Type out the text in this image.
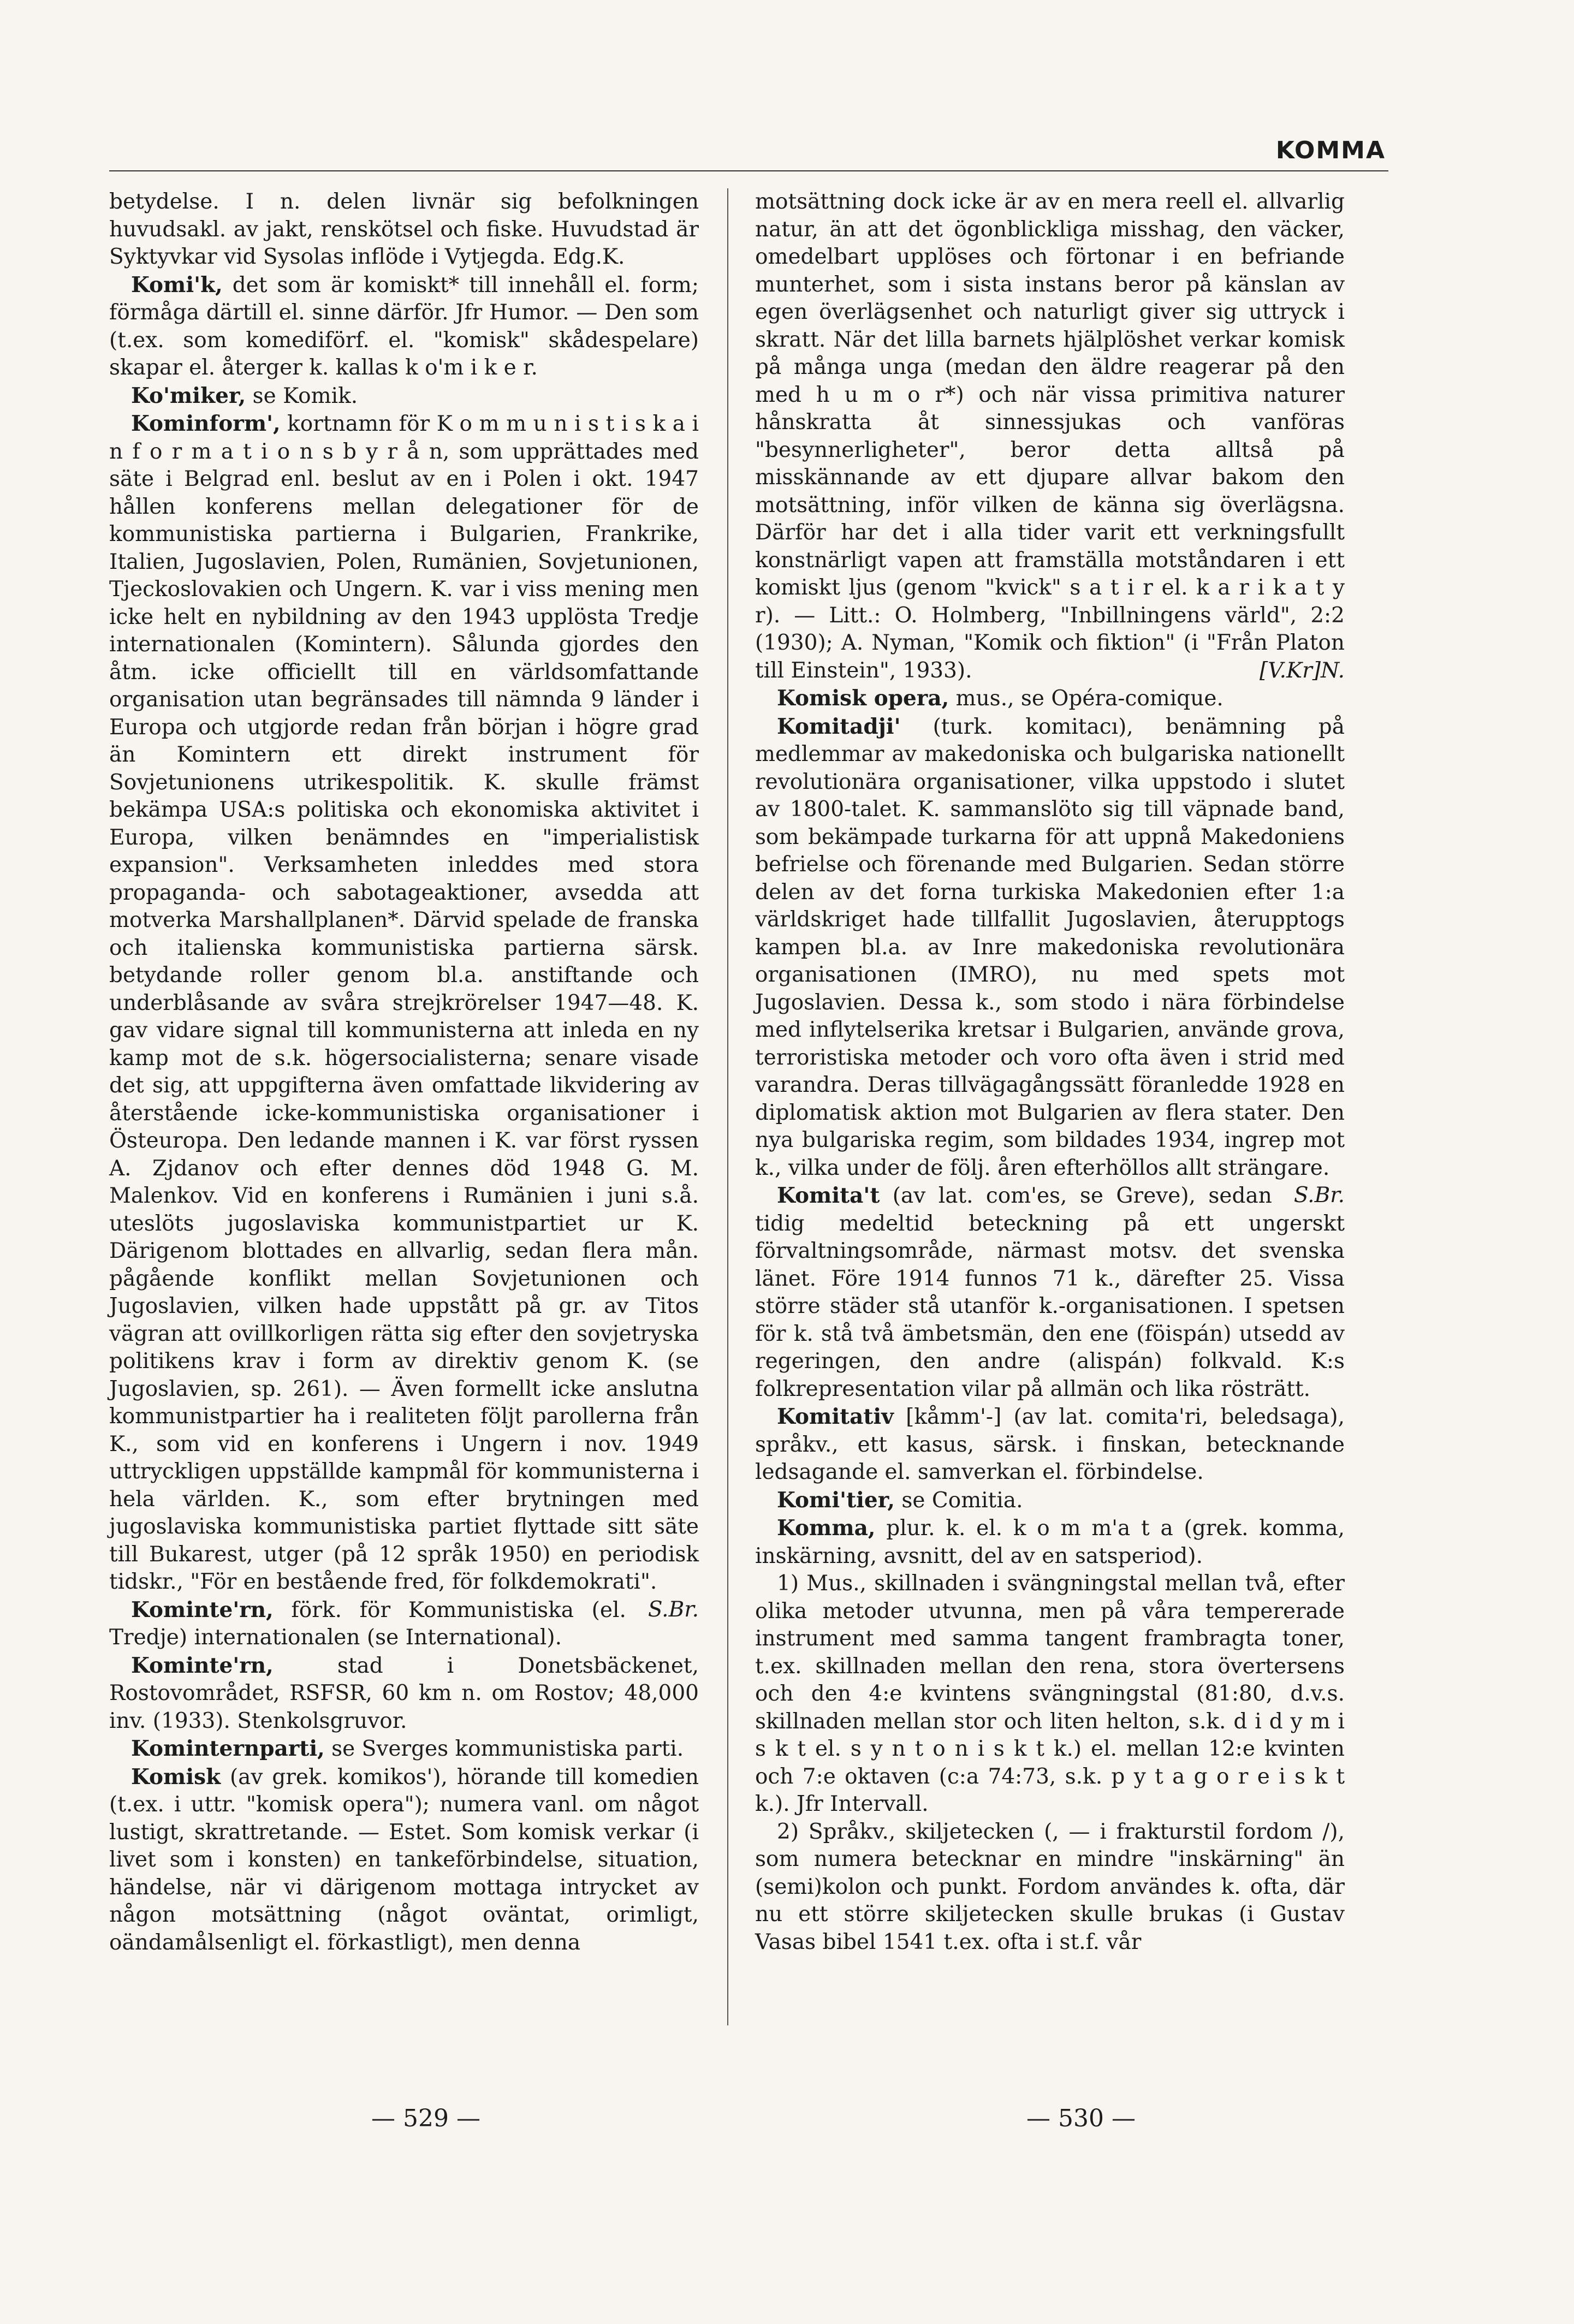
KOMMA

betydelse. I n. delen livnär sig befolkningen huvudsakl. av jakt, renskötsel och fiske. Huvudstad är Syktyvkar vid Sysolas inflöde i Vytjegda. Edg.K.

Komi'k, det som är komiskt* till innehåll el. form; förmåga därtill el. sinne därför. Jfr Humor. — Den som (t.ex. som komediförf. el. "komisk" skådespelare) skapar el. återger k. kallas k o'm i k e r.

Ko'miker, se Komik.

Kominform', kortnamn för K o m m u n i s t i s k a i n f o r m a t i o n s b y r å n, som upprättades med säte i Belgrad enl. beslut av en i Polen i okt. 1947 hållen konferens mellan delegationer för de kommunistiska partierna i Bulgarien, Frankrike, Italien, Jugoslavien, Polen, Rumänien, Sovjetunionen, Tjeckoslovakien och Ungern. K. var i viss mening men icke helt en nybildning av den 1943 upplösta Tredje internationalen (Komintern). Sålunda gjordes den åtm. icke officiellt till en världsomfattande organisation utan begränsades till nämnda 9 länder i Europa och utgjorde redan från början i högre grad än Komintern ett direkt instrument för Sovjetunionens utrikespolitik. K. skulle främst bekämpa USA:s politiska och ekonomiska aktivitet i Europa, vilken benämndes en "imperialistisk expansion". Verksamheten inleddes med stora propaganda- och sabotageaktioner, avsedda att motverka Marshallplanen*. Därvid spelade de franska och italienska kommunistiska partierna särsk. betydande roller genom bl.a. anstiftande och underblåsande av svåra strejkrörelser 1947—48. K. gav vidare signal till kommunisterna att inleda en ny kamp mot de s.k. högersocialisterna; senare visade det sig, att uppgifterna även omfattade likvidering av återstående icke-kommunistiska organisationer i Östeuropa. Den ledande mannen i K. var först ryssen A. Zjdanov och efter dennes död 1948 G. M. Malenkov. Vid en konferens i Rumänien i juni s.å. uteslöts jugoslaviska kommunistpartiet ur K. Därigenom blottades en allvarlig, sedan flera mån. pågående konflikt mellan Sovjetunionen och Jugoslavien, vilken hade uppstått på gr. av Titos vägran att ovillkorligen rätta sig efter den sovjetryska politikens krav i form av direktiv genom K. (se Jugoslavien, sp. 261). — Även formellt icke anslutna kommunistpartier ha i realiteten följt parollerna från K., som vid en konferens i Ungern i nov. 1949 uttryckligen uppställde kampmål för kommunisterna i hela världen. K., som efter brytningen med jugoslaviska kommunistiska partiet flyttade sitt säte till Bukarest, utger (på 12 språk 1950) en periodisk tidskr., "För en bestående fred, för folkdemokrati".
S.Br.

Kominte'rn, förk. för Kommunistiska (el. Tredje) internationalen (se International).

Kominte'rn, stad i Donetsbäckenet, Rostovområdet, RSFSR, 60 km n. om Rostov; 48,000 inv. (1933). Stenkolsgruvor.

Kominternparti, se Sverges kommunistiska parti.

Komisk (av grek. komikos'), hörande till komedien (t.ex. i uttr. "komisk opera"); numera vanl. om något lustigt, skrattretande. — Estet. Som komisk verkar (i livet som i konsten) en tankeförbindelse, situation, händelse, när vi därigenom mottaga intrycket av någon motsättning (något oväntat, orimligt, oändamålsenligt el. förkastligt), men denna

motsättning dock icke är av en mera reell el. allvarlig natur, än att det ögonblickliga misshag, den väcker, omedelbart upplöses och förtonar i en befriande munterhet, som i sista instans beror på känslan av egen överlägsenhet och naturligt giver sig uttryck i skratt. När det lilla barnets hjälplöshet verkar komisk på många unga (medan den äldre reagerar på den med h u m o r*) och när vissa primitiva naturer hånskratta åt sinnessjukas och vanföras "besynnerligheter", beror detta alltså på misskännande av ett djupare allvar bakom den motsättning, inför vilken de känna sig överlägsna. Därför har det i alla tider varit ett verkningsfullt konstnärligt vapen att framställa motståndaren i ett komiskt ljus (genom "kvick" s a t i r el. k a r i k a t y r). — Litt.: O. Holmberg, "Inbillningens värld", 2:2 (1930); A. Nyman, "Komik och fiktion" (i "Från Platon till Einstein", 1933).	[V.Kr]N.

Komisk opera, mus., se Opéra-comique.

Komitadji' (turk. komitacı), benämning på medlemmar av makedoniska och bulgariska nationellt revolutionära organisationer, vilka uppstodo i slutet av 1800-talet. K. sammanslöto sig till väpnade band, som bekämpade turkarna för att uppnå Makedoniens befrielse och förenande med Bulgarien. Sedan större delen av det forna turkiska Makedonien efter 1:a världskriget hade tillfallit Jugoslavien, återupptogs kampen bl.a. av Inre makedoniska revolutionära organisationen (IMRO), nu med spets mot Jugoslavien. Dessa k., som stodo i nära förbindelse med inflytelserika kretsar i Bulgarien, använde grova, terroristiska metoder och voro ofta även i strid med varandra. Deras tillvägagångssätt föranledde 1928 en diplomatisk aktion mot Bulgarien av flera stater. Den nya bulgariska regim, som bildades 1934, ingrep mot k., vilka under de följ. åren efterhöllos allt strängare.
S.Br.

Komita't (av lat. com'es, se Greve), sedan tidig medeltid beteckning på ett ungerskt förvaltningsområde, närmast motsv. det svenska länet. Före 1914 funnos 71 k., därefter 25. Vissa större städer stå utanför k.-organisationen. I spetsen för k. stå två ämbetsmän, den ene (föispán) utsedd av regeringen, den andre (alispán) folkvald. K:s folkrepresentation vilar på allmän och lika rösträtt.

Komitativ [kåmm'-] (av lat. comita'ri, beledsaga), språkv., ett kasus, särsk. i finskan, betecknande ledsagande el. samverkan el. förbindelse.

Komi'tier, se Comitia.

Komma, plur. k. el. k o m m'a t a (grek. komma, inskärning, avsnitt, del av en satsperiod).

1) Mus., skillnaden i svängningstal mellan två, efter olika metoder utvunna, men på våra tempererade instrument med samma tangent frambragta toner, t.ex. skillnaden mellan den rena, stora övertersens och den 4:e kvintens svängningstal (81:80, d.v.s. skillnaden mellan stor och liten helton, s.k. d i d y m i s k t el. s y n t o n i s k t k.) el. mellan 12:e kvinten och 7:e oktaven (c:a 74:73, s.k. p y t a g o r e i s k t k.). Jfr Intervall.

2) Språkv., skiljetecken (, — i frakturstil fordom /), som numera betecknar en mindre "inskärning" än (semi)kolon och punkt. Fordom användes k. ofta, där nu ett större skiljetecken skulle brukas (i Gustav Vasas bibel 1541 t.ex. ofta i st.f. vår

— 529 —	— 530 —
